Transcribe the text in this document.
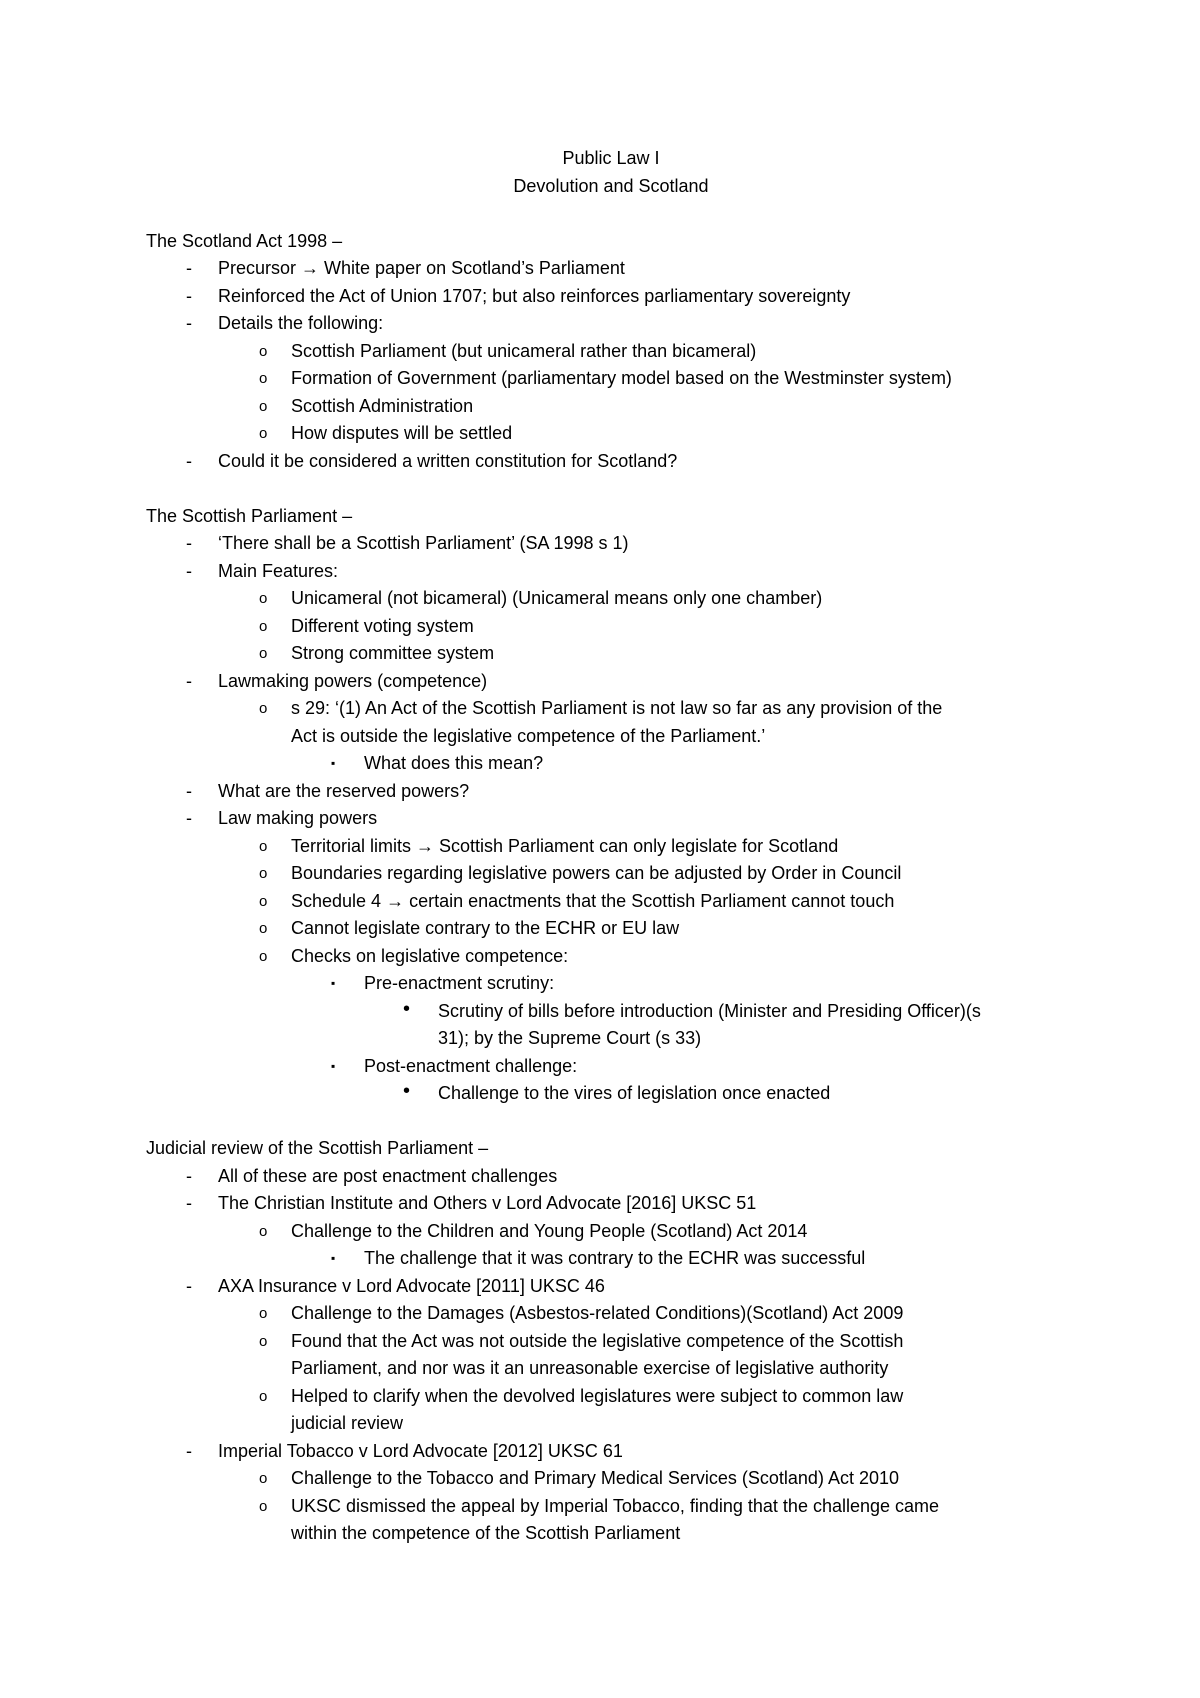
Public Law I

Devolution and Scotland

The Scotland Act 1998 –

- Precursor → White paper on Scotland’s Parliament
- Reinforced the Act of Union 1707; but also reinforces parliamentary sovereignty
- Details the following:
o Scottish Parliament (but unicameral rather than bicameral)
o Formation of Government (parliamentary model based on the Westminster system)
o Scottish Administration
o How disputes will be settled
- Could it be considered a written constitution for Scotland?

The Scottish Parliament –

- ‘There shall be a Scottish Parliament’ (SA 1998 s 1)
- Main Features:
o Unicameral (not bicameral) (Unicameral means only one chamber)
o Different voting system
o Strong committee system
- Lawmaking powers (competence)
o s 29: ‘(1) An Act of the Scottish Parliament is not law so far as any provision of the
Act is outside the legislative competence of the Parliament.’
▪ What does this mean?
- What are the reserved powers?
- Law making powers
o Territorial limits → Scottish Parliament can only legislate for Scotland
o Boundaries regarding legislative powers can be adjusted by Order in Council
o Schedule 4 → certain enactments that the Scottish Parliament cannot touch
o Cannot legislate contrary to the ECHR or EU law
o Checks on legislative competence:
▪ Pre-enactment scrutiny:
• Scrutiny of bills before introduction (Minister and Presiding Officer)(s
31); by the Supreme Court (s 33)
▪ Post-enactment challenge:
• Challenge to the vires of legislation once enacted

Judicial review of the Scottish Parliament –

- All of these are post enactment challenges
- The Christian Institute and Others v Lord Advocate [2016] UKSC 51
o Challenge to the Children and Young People (Scotland) Act 2014
▪ The challenge that it was contrary to the ECHR was successful
- AXA Insurance v Lord Advocate [2011] UKSC 46
o Challenge to the Damages (Asbestos-related Conditions)(Scotland) Act 2009
o Found that the Act was not outside the legislative competence of the Scottish
Parliament, and nor was it an unreasonable exercise of legislative authority
o Helped to clarify when the devolved legislatures were subject to common law
judicial review
- Imperial Tobacco v Lord Advocate [2012] UKSC 61
o Challenge to the Tobacco and Primary Medical Services (Scotland) Act 2010
o UKSC dismissed the appeal by Imperial Tobacco, finding that the challenge came
within the competence of the Scottish Parliament
